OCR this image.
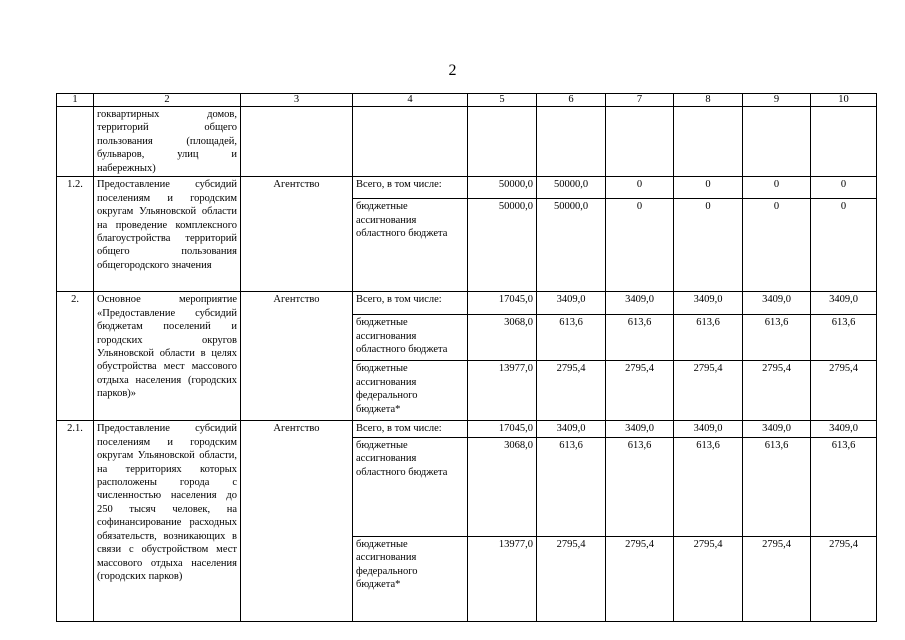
2
1	2	3	4	5	6	7	8	9	10
	гоквартирных домов, территорий общего пользования (площадей, бульваров, улиц и набережных)								
1.2.	Предоставление субсидий поселениям и городским округам Ульяновской области на проведение комплексного благоустройства территорий общего пользования общегородского значения	Агентство	Всего, в том числе:	50000,0	50000,0	0	0	0	0
			бюджетные ассигнования областного бюджета	50000,0	50000,0	0	0	0	0
2.	Основное мероприятие «Предоставление субсидий бюджетам поселений и городских округов Ульяновской области в целях обустройства мест массового отдыха населения (городских парков)»	Агентство	Всего, в том числе:	17045,0	3409,0	3409,0	3409,0	3409,0	3409,0
			бюджетные ассигнования областного бюджета	3068,0	613,6	613,6	613,6	613,6	613,6
			бюджетные ассигнования федерального бюджета*	13977,0	2795,4	2795,4	2795,4	2795,4	2795,4
2.1.	Предоставление субсидий поселениям и городским округам Ульяновской области, на территориях которых расположены города с численностью населения до 250 тысяч человек, на софинансирование расходных обязательств, возникающих в связи с обустройством мест массового отдыха населения (городских парков)	Агентство	Всего, в том числе:	17045,0	3409,0	3409,0	3409,0	3409,0	3409,0
			бюджетные ассигнования областного бюджета	3068,0	613,6	613,6	613,6	613,6	613,6
			бюджетные ассигнования федерального бюджета*	13977,0	2795,4	2795,4	2795,4	2795,4	2795,4
